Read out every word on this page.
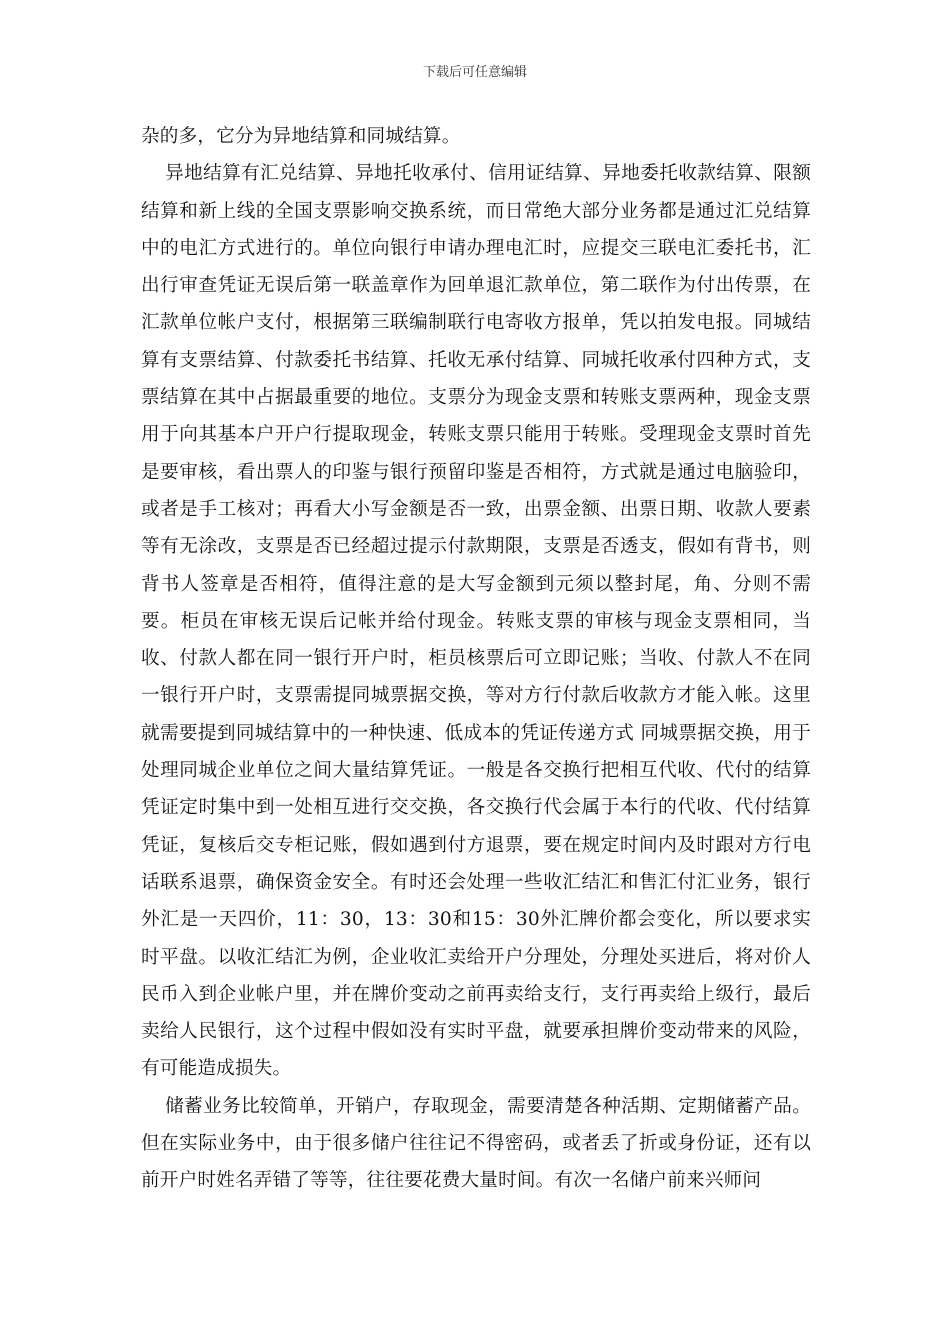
下载后可任意编辑

杂的多，它分为异地结算和同城结算。

异地结算有汇兑结算、异地托收承付、信用证结算、异地委托收款结算、限额结算和新上线的全国支票影响交换系统，而日常绝大部分业务都是通过汇兑结算中的电汇方式进行的。单位向银行申请办理电汇时，应提交三联电汇委托书，汇出行审查凭证无误后第一联盖章作为回单退汇款单位，第二联作为付出传票，在汇款单位帐户支付，根据第三联编制联行电寄收方报单，凭以拍发电报。同城结算有支票结算、付款委托书结算、托收无承付结算、同城托收承付四种方式，支票结算在其中占据最重要的地位。支票分为现金支票和转账支票两种，现金支票用于向其基本户开户行提取现金，转账支票只能用于转账。受理现金支票时首先是要审核，看出票人的印鉴与银行预留印鉴是否相符，方式就是通过电脑验印，或者是手工核对；再看大小写金额是否一致，出票金额、出票日期、收款人要素等有无涂改，支票是否已经超过提示付款期限，支票是否透支，假如有背书，则背书人签章是否相符，值得注意的是大写金额到元须以整封尾，角、分则不需要。柜员在审核无误后记帐并给付现金。转账支票的审核与现金支票相同，当收、付款人都在同一银行开户时，柜员核票后可立即记账；当收、付款人不在同一银行开户时，支票需提同城票据交换，等对方行付款后收款方才能入帐。这里就需要提到同城结算中的一种快速、低成本的凭证传递方式 同城票据交换，用于处理同城企业单位之间大量结算凭证。一般是各交换行把相互代收、代付的结算凭证定时集中到一处相互进行交交换，各交换行代会属于本行的代收、代付结算凭证，复核后交专柜记账，假如遇到付方退票，要在规定时间内及时跟对方行电话联系退票，确保资金安全。有时还会处理一些收汇结汇和售汇付汇业务，银行外汇是一天四价，11：30，13：30和15：30外汇牌价都会变化，所以要求实时平盘。以收汇结汇为例，企业收汇卖给开户分理处，分理处买进后，将对价人民币入到企业帐户里，并在牌价变动之前再卖给支行，支行再卖给上级行，最后卖给人民银行，这个过程中假如没有实时平盘，就要承担牌价变动带来的风险，有可能造成损失。

储蓄业务比较简单，开销户，存取现金，需要清楚各种活期、定期储蓄产品。但在实际业务中，由于很多储户往往记不得密码，或者丢了折或身份证，还有以前开户时姓名弄错了等等，往往要花费大量时间。有次一名储户前来兴师问
